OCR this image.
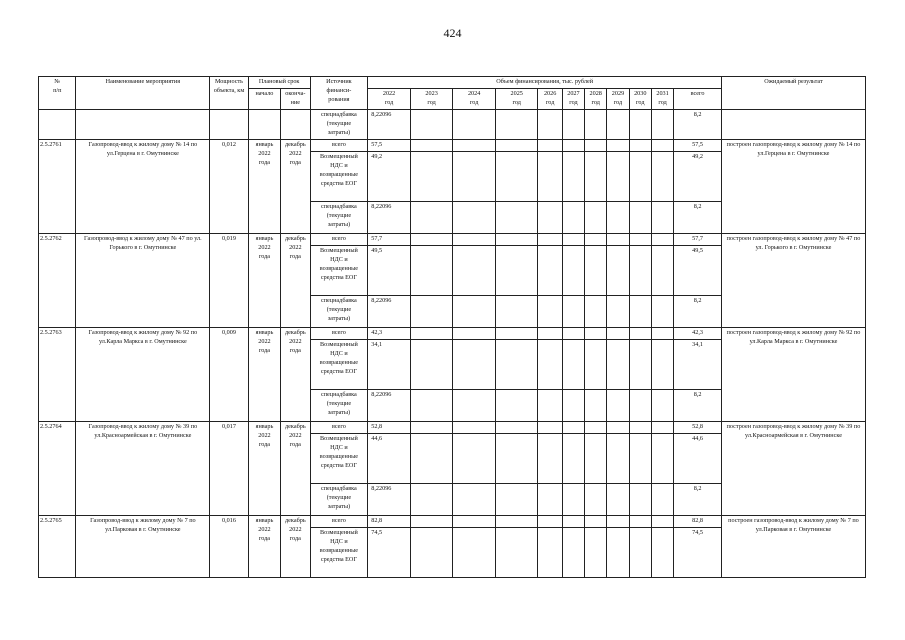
424
№
п/п	Наименование мероприятия	Мощность объекта, км	Плановый срок		Источник
финанси-
рования	Объем финансирования, тыс. рублей											Ожидаемый результат
			начало	оконча-
ние		2022
год	2023
год	2024
год	2025
год	2026
год	2027
год	2028
год	2029
год	2030
год	2031
год	всего	
					спецнадбавка
(текущие
затраты)	8,22096										8,2	
2.5.2761	Газопровод-ввод к жилому дому № 14 по ул.Герцена в г. Омутнинске	0,012	январь
2022
года	декабрь
2022
года	всего	57,5										57,5	построен газопровод-ввод к жилому дому № 14 по ул.Герцена в г. Омутнинске
					Возмещенный
НДС и
возвращенные
средства ЕОГ	49,2										49,2	
					спецнадбавка
(текущие
затраты)	8,22096										8,2	
2.5.2762	Газопровод-ввод к жилому дому № 47 по ул. Горького в г. Омутнинске	0,019	январь
2022
года	декабрь
2022
года	всего	57,7										57,7	построен газопровод-ввод к жилому дому № 47 по ул. Горького в г. Омутнинске
					Возмещенный
НДС и
возвращенные
средства ЕОГ	49,5										49,5	
					спецнадбавка
(текущие
затраты)	8,22096										8,2	
2.5.2763	Газопровод-ввод к жилому дому № 92 по ул.Карла Маркса в г. Омутнинске	0,009	январь
2022
года	декабрь
2022
года	всего	42,3										42,3	построен газопровод-ввод к жилому дому № 92 по ул.Карла Маркса в г. Омутнинске
					Возмещенный
НДС и
возвращенные
средства ЕОГ	34,1										34,1	
					спецнадбавка
(текущие
затраты)	8,22096										8,2	
2.5.2764	Газопровод-ввод к жилому дому № 39 по ул.Красноармейская в г. Омутнинске	0,017	январь
2022
года	декабрь
2022
года	всего	52,8										52,8	построен газопровод-ввод к жилому дому № 39 по ул.Красноармейская в г. Омутнинске
					Возмещенный
НДС и
возвращенные
средства ЕОГ	44,6										44,6	
					спецнадбавка
(текущие
затраты)	8,22096										8,2	
2.5.2765	Газопровод-ввод к жилому дому № 7 по ул.Парковая в г. Омутнинске	0,016	январь
2022
года	декабрь
2022
года	всего	82,8										82,8	построен газопровод-ввод к жилому дому № 7 по ул.Парковая в г. Омутнинске
					Возмещенный
НДС и
возвращенные
средства ЕОГ	74,5										74,5	
